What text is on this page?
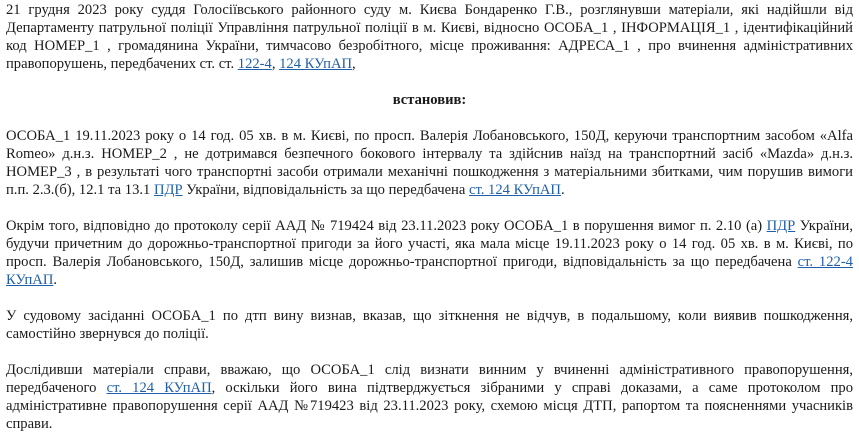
21 грудня 2023 року суддя Голосіївського районного суду м. Києва Бондаренко Г.В., розглянувши матеріали, які надійшли від Департаменту патрульної поліції Управління патрульної поліції в м. Києві, відносно ОСОБА_1 , ІНФОРМАЦІЯ_1 , ідентифікаційний код НОМЕР_1 , громадянина України, тимчасово безробітного, місце проживання: АДРЕСА_1 , про вчинення адміністративних правопорушень, передбачених ст. ст. 122-4, 124 КУпАП,

встановив:

ОСОБА_1 19.11.2023 року о 14 год. 05 хв. в м. Києві, по просп. Валерія Лобановського, 150Д, керуючи транспортним засобом «Alfa Romeo» д.н.з. НОМЕР_2 , не дотримався безпечного бокового інтервалу та здійснив наїзд на транспортний засіб «Mazda» д.н.з. НОМЕР_3 , в результаті чого транспортні засоби отримали механічні пошкодження з матеріальними збитками, чим порушив вимоги п.п. 2.3.(б), 12.1 та 13.1 ПДР України, відповідальність за що передбачена ст. 124 КУпАП.

Окрім того, відповідно до протоколу серії ААД № 719424 від 23.11.2023 року ОСОБА_1 в порушення вимог п. 2.10 (а) ПДР України, будучи причетним до дорожньо-транспортної пригоди за його участі, яка мала місце 19.11.2023 року о 14 год. 05 хв. в м. Києві, по просп. Валерія Лобановського, 150Д, залишив місце дорожньо-транспортної пригоди, відповідальність за що передбачена ст. 122-4 КУпАП.

У судовому засіданні ОСОБА_1 по дтп вину визнав, вказав, що зіткнення не відчув, в подальшому, коли виявив пошкодження, самостійно звернувся до поліції.

Дослідивши матеріали справи, вважаю, що ОСОБА_1 слід визнати винним у вчиненні адміністративного правопорушення, передбаченого ст. 124 КУпАП, оскільки його вина підтверджується зібраними у справі доказами, а саме протоколом про адміністративне правопорушення серії ААД №719423 від 23.11.2023 року, схемою місця ДТП, рапортом та поясненнями учасників справи.
